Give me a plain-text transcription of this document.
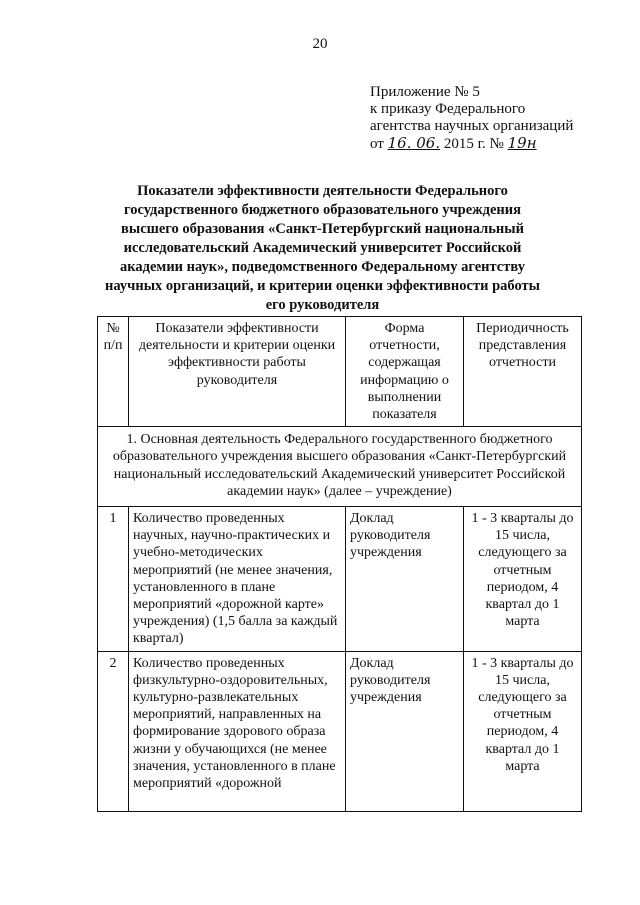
20
Приложение № 5
к приказу Федерального
агентства научных организаций
от 16. 06. 2015 г. № 19н
Показатели эффективности деятельности Федерального государственного бюджетного образовательного учреждения высшего образования «Санкт-Петербургский национальный исследовательский Академический университет Российской академии наук», подведомственного Федеральному агентству научных организаций, и критерии оценки эффективности работы его руководителя
№ п/п	Показатели эффективности деятельности и критерии оценки эффективности работы руководителя	Форма отчетности, содержащая информацию о выполнении показателя	Периодичность представления отчетности
1. Основная деятельность Федерального государственного бюджетного образовательного учреждения высшего образования «Санкт-Петербургский национальный исследовательский Академический университет Российской академии наук» (далее – учреждение)			
1	Количество проведенных научных, научно-практических и учебно-методических мероприятий (не менее значения, установленного в плане мероприятий «дорожной карте» учреждения) (1,5 балла за каждый квартал)	Доклад руководителя учреждения	1 - 3 кварталы до 15 числа, следующего за отчетным периодом, 4 квартал до 1 марта
2	Количество проведенных физкультурно-оздоровительных, культурно-развлекательных мероприятий, направленных на формирование здорового образа жизни у обучающихся (не менее значения, установленного в плане мероприятий «дорожной	Доклад руководителя учреждения	1 - 3 кварталы до 15 числа, следующего за отчетным периодом, 4 квартал до 1 марта
